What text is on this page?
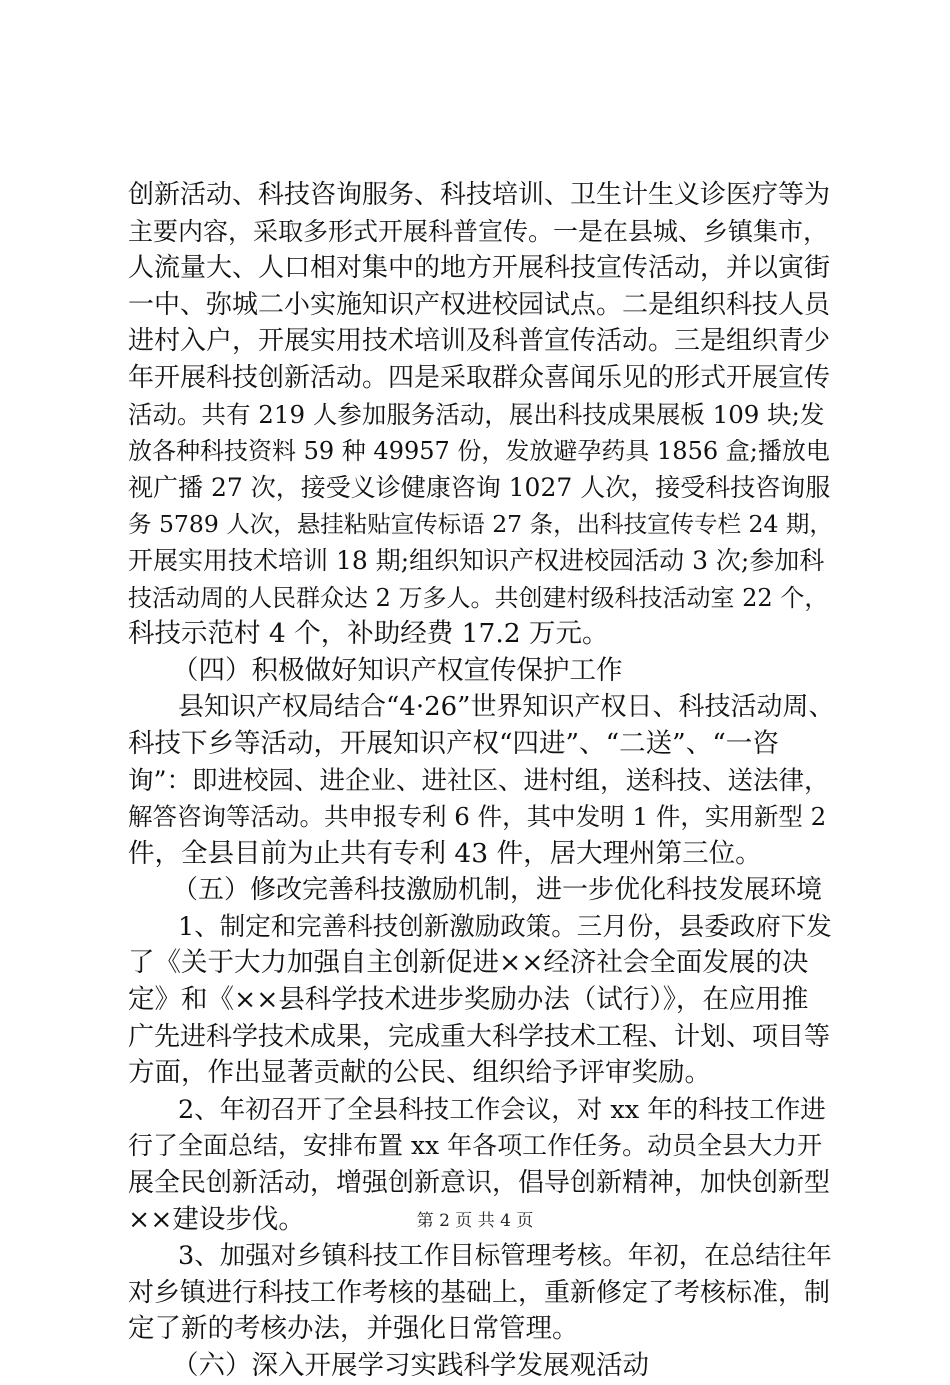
创新活动、科技咨询服务、科技培训、卫生计生义诊医疗等为
主要内容，采取多形式开展科普宣传。一是在县城、乡镇集市，
人流量大、人口相对集中的地方开展科技宣传活动，并以寅街
一中、弥城二小实施知识产权进校园试点。二是组织科技人员
进村入户，开展实用技术培训及科普宣传活动。三是组织青少
年开展科技创新活动。四是采取群众喜闻乐见的形式开展宣传
活动。共有 219 人参加服务活动，展出科技成果展板 109 块;发
放各种科技资料 59 种 49957 份，发放避孕药具 1856 盒;播放电
视广播 27 次，接受义诊健康咨询 1027 人次，接受科技咨询服
务 5789 人次，悬挂粘贴宣传标语 27 条，出科技宣传专栏 24 期，
开展实用技术培训 18 期;组织知识产权进校园活动 3 次;参加科
技活动周的人民群众达 2 万多人。共创建村级科技活动室 22 个，
科技示范村 4 个，补助经费 17.2 万元。
（四）积极做好知识产权宣传保护工作
县知识产权局结合“4·26”世界知识产权日、科技活动周、
科技下乡等活动，开展知识产权“四进”、“二送”、“一咨
询”：即进校园、进企业、进社区、进村组，送科技、送法律，
解答咨询等活动。共申报专利 6 件，其中发明 1 件，实用新型 2
件，全县目前为止共有专利 43 件，居大理州第三位。
（五）修改完善科技激励机制，进一步优化科技发展环境
1、制定和完善科技创新激励政策。三月份，县委政府下发
了《关于大力加强自主创新促进××经济社会全面发展的决
定》和《××县科学技术进步奖励办法（试行）》，在应用推
广先进科学技术成果，完成重大科学技术工程、计划、项目等
方面，作出显著贡献的公民、组织给予评审奖励。
2、年初召开了全县科技工作会议，对 xx 年的科技工作进
行了全面总结，安排布置 xx 年各项工作任务。动员全县大力开
展全民创新活动，增强创新意识，倡导创新精神，加快创新型
××建设步伐。
3、加强对乡镇科技工作目标管理考核。年初，在总结往年
对乡镇进行科技工作考核的基础上，重新修定了考核标准，制
定了新的考核办法，并强化日常管理。
（六）深入开展学习实践科学发展观活动
第 2 页 共 4 页
